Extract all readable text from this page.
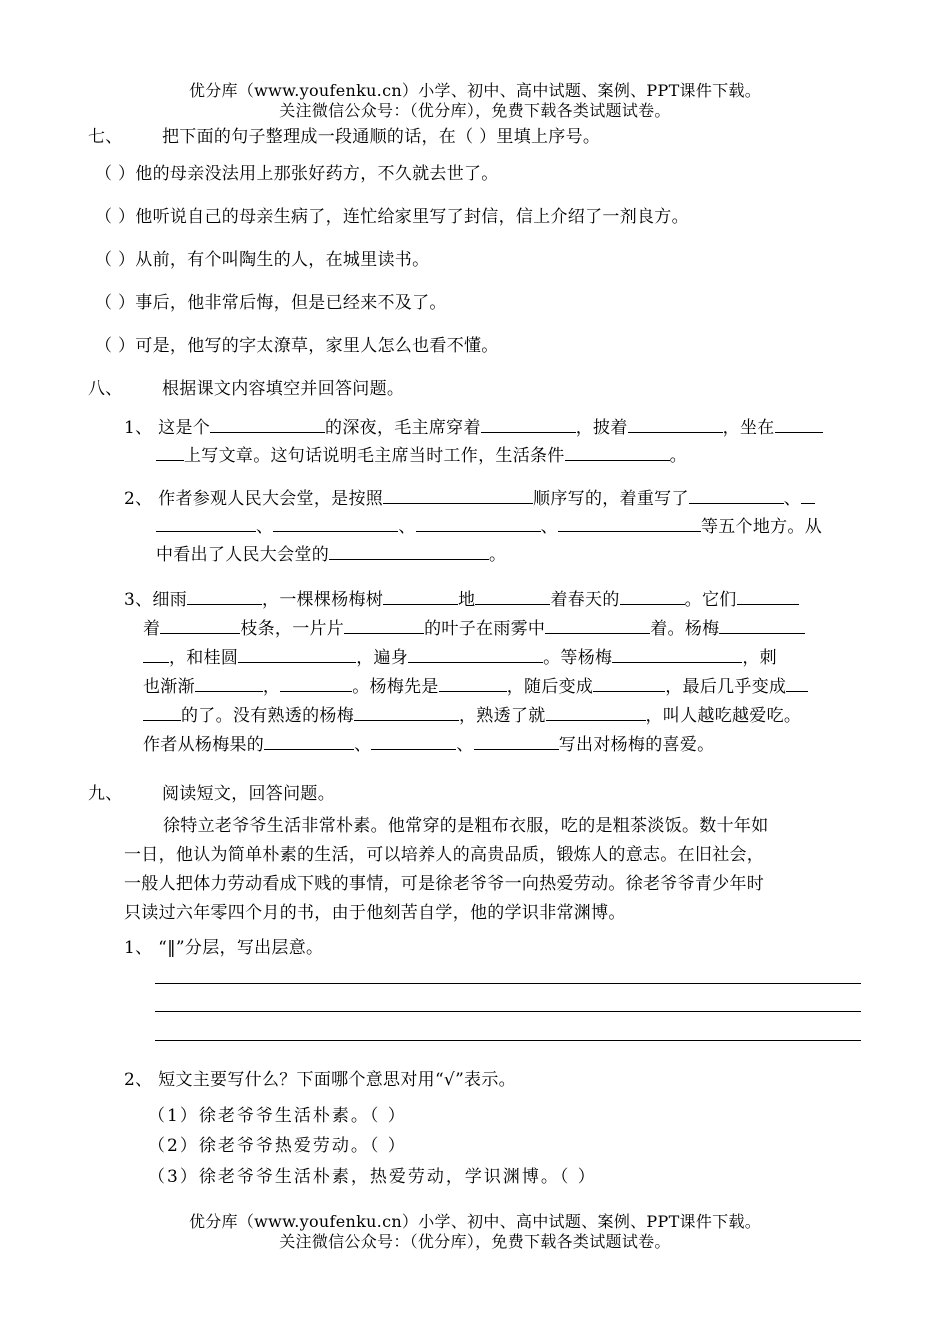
优分库（www.youfenku.cn）小学、初中、高中试题、案例、PPT课件下载。
关注微信公众号：（优分库），免费下载各类试题试卷。
七、 把下面的句子整理成一段通顺的话，在（ ）里填上序号。
（ ）他的母亲没法用上那张好药方，不久就去世了。
（ ）他听说自己的母亲生病了，连忙给家里写了封信，信上介绍了一剂良方。
（ ）从前，有个叫陶生的人，在城里读书。
（ ）事后，他非常后悔，但是已经来不及了。
（ ）可是，他写的字太潦草，家里人怎么也看不懂。
八、 根据课文内容填空并回答问题。
1、 这是个	的深夜，毛主席穿着	，披着	，坐在
上写文章。这句话说明毛主席当时工作，生活条件	。
2、 作者参观人民大会堂，是按照	顺序写的，着重写了	、
、	、	、	等五个地方。从
中看出了人民大会堂的	。
3、细雨	，一棵棵杨梅树	地	着春天的	。它们
着	枝条，一片片	的叶子在雨雾中	着。杨梅
，和桂圆	，遍身	。等杨梅	，刺
也渐渐	，	。杨梅先是	，随后变成	，最后几乎变成
的了。没有熟透的杨梅	，熟透了就	，叫人越吃越爱吃。
作者从杨梅果的	、	、	写出对杨梅的喜爱。
九、 阅读短文，回答问题。
徐特立老爷爷生活非常朴素。他常穿的是粗布衣服，吃的是粗茶淡饭。数十年如
一日，他认为简单朴素的生活，可以培养人的高贵品质，锻炼人的意志。在旧社会，
一般人把体力劳动看成下贱的事情，可是徐老爷爷一向热爱劳动。徐老爷爷青少年时
只读过六年零四个月的书，由于他刻苦自学，他的学识非常渊博。
1、 “‖”分层，写出层意。
2、 短文主要写什么？下面哪个意思对用“√”表示。
（1）徐老爷爷生活朴素。（ ）
（2）徐老爷爷热爱劳动。（ ）
（3）徐老爷爷生活朴素，热爱劳动，学识渊博。（ ）
优分库（www.youfenku.cn）小学、初中、高中试题、案例、PPT课件下载。
关注微信公众号：（优分库），免费下载各类试题试卷。
